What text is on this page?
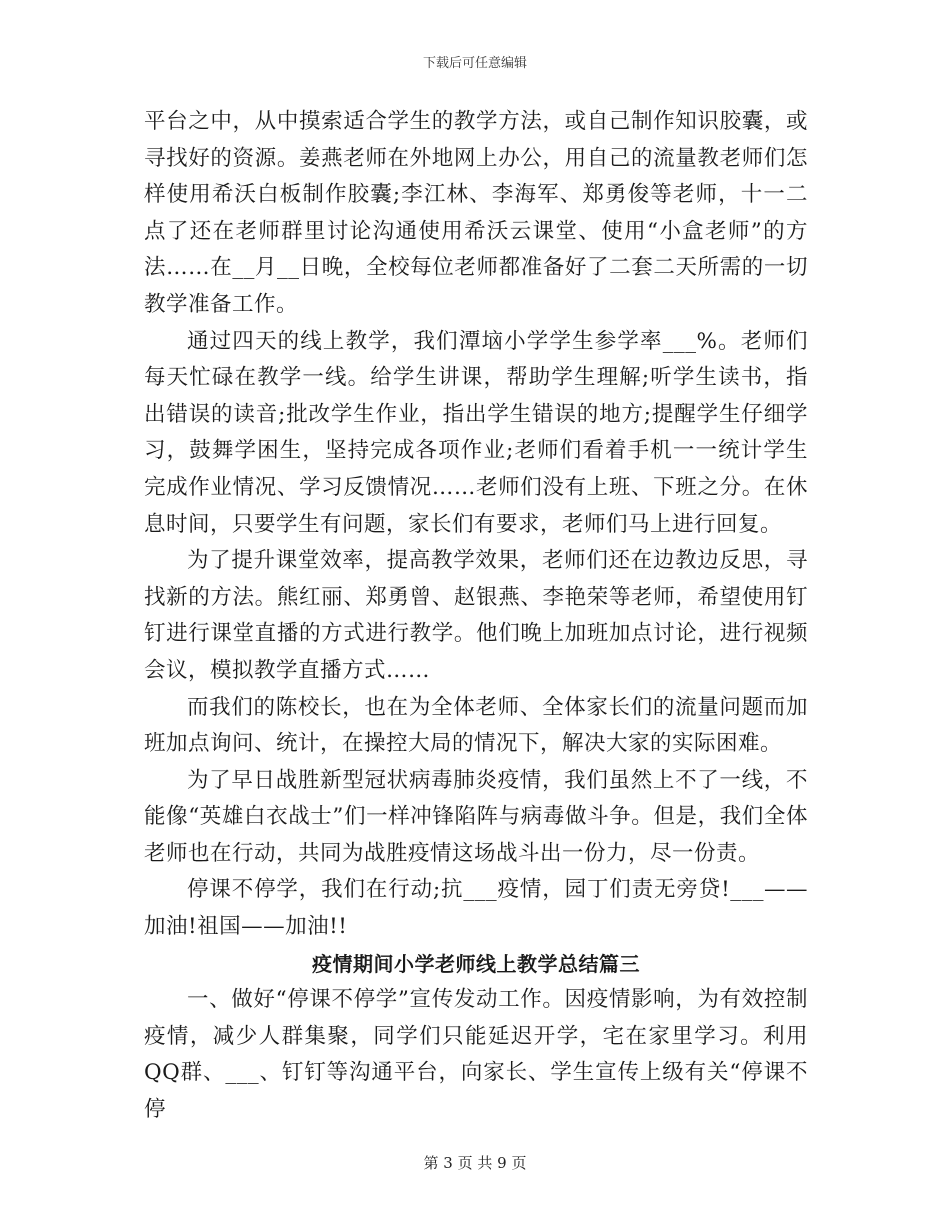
下载后可任意编辑

平台之中，从中摸索适合学生的教学方法，或自己制作知识胶囊，或寻找好的资源。姜燕老师在外地网上办公，用自己的流量教老师们怎样使用希沃白板制作胶囊;李江林、李海军、郑勇俊等老师，十一二点了还在老师群里讨论沟通使用希沃云课堂、使用“小盒老师”的方法……在__月__日晚，全校每位老师都准备好了二套二天所需的一切教学准备工作。

通过四天的线上教学，我们潭垴小学学生参学率___%。老师们每天忙碌在教学一线。给学生讲课，帮助学生理解;听学生读书，指出错误的读音;批改学生作业，指出学生错误的地方;提醒学生仔细学习，鼓舞学困生，坚持完成各项作业;老师们看着手机一一统计学生完成作业情况、学习反馈情况……老师们没有上班、下班之分。在休息时间，只要学生有问题，家长们有要求，老师们马上进行回复。

为了提升课堂效率，提高教学效果，老师们还在边教边反思，寻找新的方法。熊红丽、郑勇曾、赵银燕、李艳荣等老师，希望使用钉钉进行课堂直播的方式进行教学。他们晚上加班加点讨论，进行视频会议，模拟教学直播方式……

而我们的陈校长，也在为全体老师、全体家长们的流量问题而加班加点询问、统计，在操控大局的情况下，解决大家的实际困难。

为了早日战胜新型冠状病毒肺炎疫情，我们虽然上不了一线，不能像“英雄白衣战士”们一样冲锋陷阵与病毒做斗争。但是，我们全体老师也在行动，共同为战胜疫情这场战斗出一份力，尽一份责。

停课不停学，我们在行动;抗___疫情，园丁们责无旁贷!___——加油!祖国——加油!!

疫情期间小学老师线上教学总结篇三

一、做好“停课不停学”宣传发动工作。因疫情影响，为有效控制疫情，减少人群集聚，同学们只能延迟开学，宅在家里学习。利用QQ群、___、钉钉等沟通平台，向家长、学生宣传上级有关“停课不停

第 3 页 共 9 页
